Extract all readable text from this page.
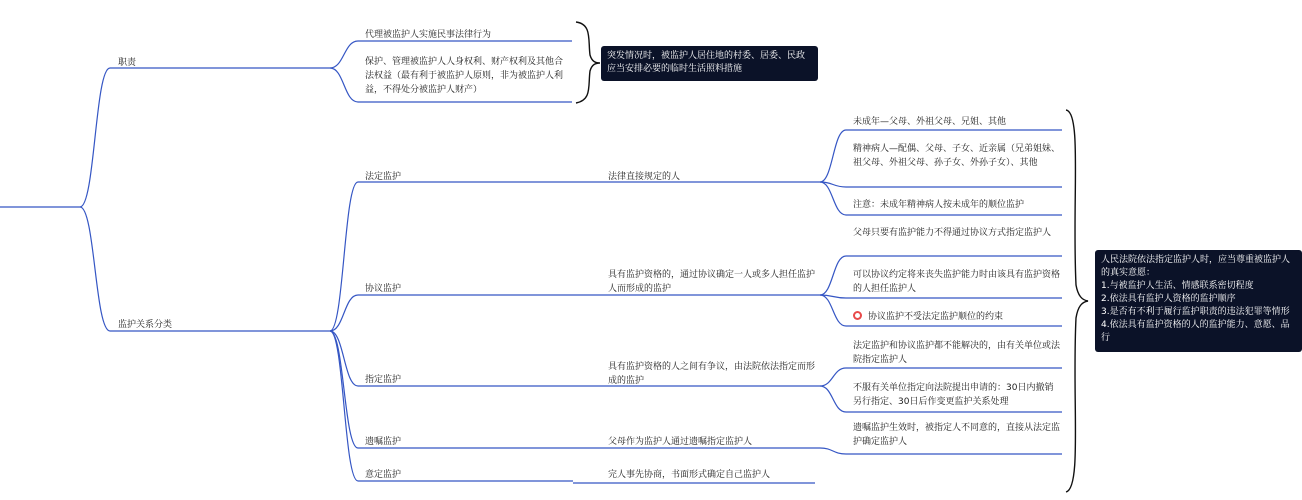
职责
监护关系分类
代理被监护人实施民事法律行为
保护、管理被监护人人身权利、财产权利及其他合法权益（最有利于被监护人原则，非为被监护人利益，不得处分被监护人财产）
突发情况时，被监护人居住地的村委、居委、民政应当安排必要的临时生活照料措施
法定监护
协议监护
指定监护
遗嘱监护
意定监护
法律直接规定的人
具有监护资格的，通过协议确定一人或多人担任监护人而形成的监护
具有监护资格的人之间有争议，由法院依法指定而形成的监护
父母作为监护人通过遗嘱指定监护人
完人事先协商，书面形式确定自己监护人
未成年—父母、外祖父母、兄姐、其他
精神病人—配偶、父母、子女、近亲属（兄弟姐妹、祖父母、外祖父母、孙子女、外孙子女）、其他
注意：未成年精神病人按未成年的顺位监护
父母只要有监护能力不得通过协议方式指定监护人
可以协议约定将来丧失监护能力时由该具有监护资格的人担任监护人
协议监护不受法定监护顺位的约束
法定监护和协议监护都不能解决的，由有关单位或法院指定监护人
不服有关单位指定向法院提出申请的：30日内撤销另行指定、30日后作变更监护关系处理
遗嘱监护生效时，被指定人不同意的，直接从法定监护确定监护人
人民法院依法指定监护人时，应当尊重被监护人的真实意愿：
1.与被监护人生活、情感联系密切程度
2.依法具有监护人资格的监护顺序
3.是否有不利于履行监护职责的违法犯罪等情形
4.依法具有监护资格的人的监护能力、意愿、品行
